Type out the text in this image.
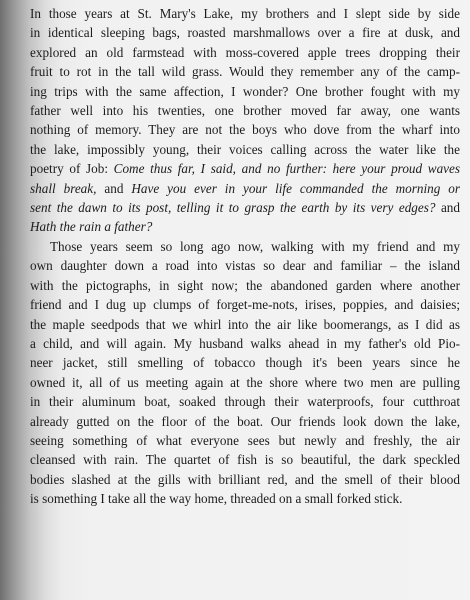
In those years at St. Mary's Lake, my brothers and I slept side by side
in identical sleeping bags, roasted marshmallows over a fire at dusk, and
explored an old farmstead with moss-covered apple trees dropping their
fruit to rot in the tall wild grass. Would they remember any of the camp-
ing trips with the same affection, I wonder? One brother fought with my
father well into his twenties, one brother moved far away, one wants
nothing of memory. They are not the boys who dove from the wharf into
the lake, impossibly young, their voices calling across the water like the
poetry of Job: Come thus far, I said, and no further: here your proud waves
shall break, and Have you ever in your life commanded the morning or
sent the dawn to its post, telling it to grasp the earth by its very edges? and
Hath the rain a father?
Those years seem so long ago now, walking with my friend and my
own daughter down a road into vistas so dear and familiar – the island
with the pictographs, in sight now; the abandoned garden where another
friend and I dug up clumps of forget-me-nots, irises, poppies, and daisies;
the maple seedpods that we whirl into the air like boomerangs, as I did as
a child, and will again. My husband walks ahead in my father's old Pio-
neer jacket, still smelling of tobacco though it's been years since he
owned it, all of us meeting again at the shore where two men are pulling
in their aluminum boat, soaked through their waterproofs, four cutthroat
already gutted on the floor of the boat. Our friends look down the lake,
seeing something of what everyone sees but newly and freshly, the air
cleansed with rain. The quartet of fish is so beautiful, the dark speckled
bodies slashed at the gills with brilliant red, and the smell of their blood
is something I take all the way home, threaded on a small forked stick.
